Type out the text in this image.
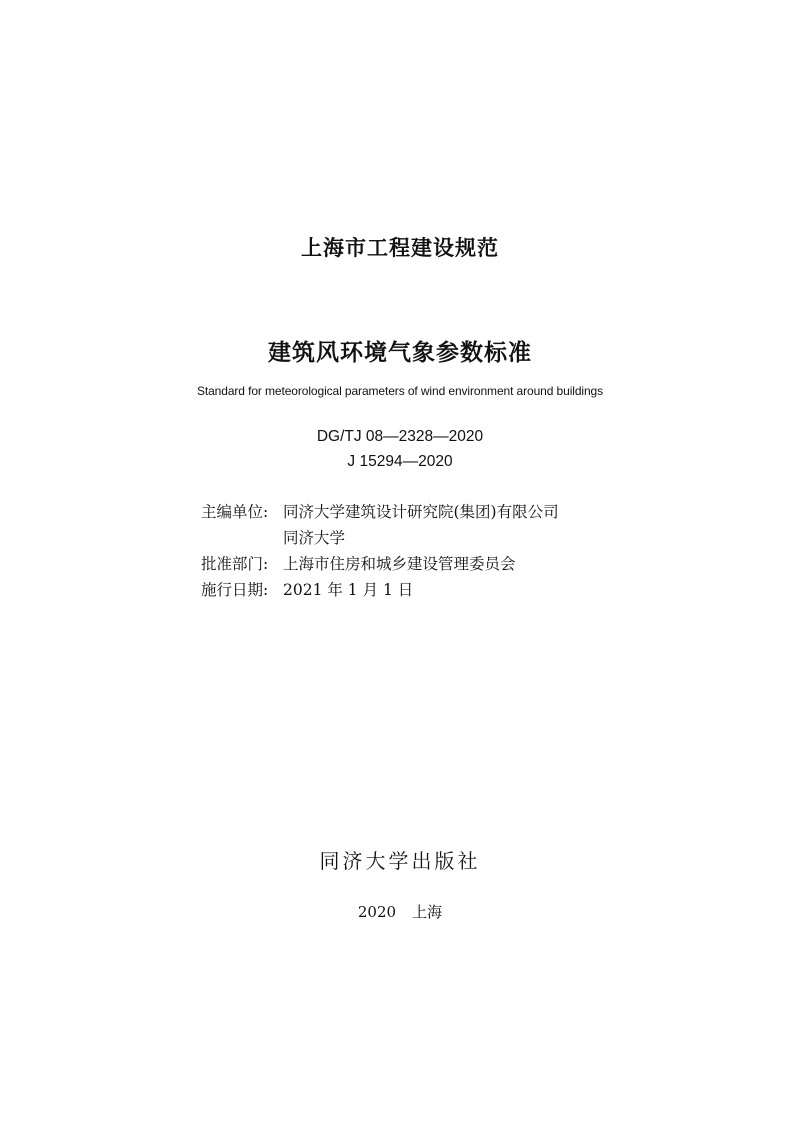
上海市工程建设规范
建筑风环境气象参数标准
Standard for meteorological parameters of wind environment around buildings
DG/TJ 08—2328—2020
J 15294—2020
主编单位: 同济大学建筑设计研究院(集团)有限公司
同济大学
批准部门: 上海市住房和城乡建设管理委员会
施行日期: 2021 年 1 月 1 日
同济大学出版社
2020 上海
